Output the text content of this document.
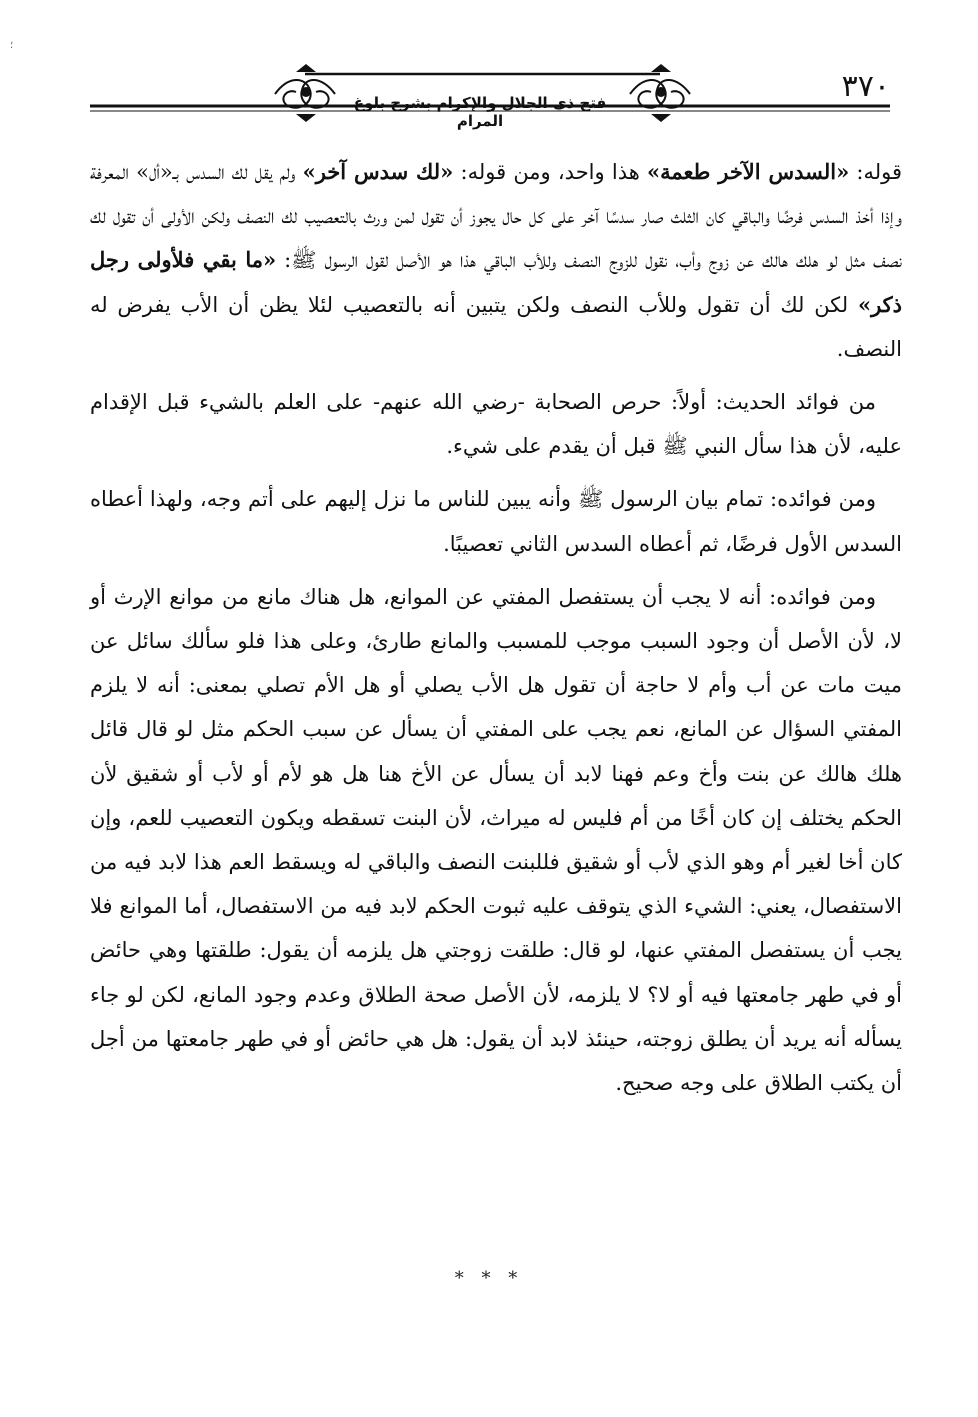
؛
فتح ذي الجلال والإكرام بشرح بلوغ المرام
٣٧٠

قوله: «السدس الآخر طعمة» هذا واحد، ومن قوله: «لك سدس آخر» ولم يقل لك السدس بـ«أل» المعرفة وإذا أخذ السدس فرضًا والباقي كان الثلث صار سدسًا آخر على كل حال يجوز أن تقول لمن ورث بالتعصيب لك النصف ولكن الأولى أن تقول لك نصف مثل لو هلك هالك عن زوج وأب، نقول للزوج النصف وللأب الباقي هذا هو الأصل لقول الرسول ﷺ: «ما بقي فلأولى رجل ذكر» لكن لك أن تقول وللأب النصف ولكن يتبين أنه بالتعصيب لئلا يظن أن الأب يفرض له النصف.

من فوائد الحديث: أولاً: حرص الصحابة -رضي الله عنهم- على العلم بالشيء قبل الإقدام عليه، لأن هذا سأل النبي ﷺ قبل أن يقدم على شيء.

ومن فوائده: تمام بيان الرسول ﷺ وأنه يبين للناس ما نزل إليهم على أتم وجه، ولهذا أعطاه السدس الأول فرضًا، ثم أعطاه السدس الثاني تعصيبًا.

ومن فوائده: أنه لا يجب أن يستفصل المفتي عن الموانع، هل هناك مانع من موانع الإرث أو لا، لأن الأصل أن وجود السبب موجب للمسبب والمانع طارئ، وعلى هذا فلو سألك سائل عن ميت مات عن أب وأم لا حاجة أن تقول هل الأب يصلي أو هل الأم تصلي بمعنى: أنه لا يلزم المفتي السؤال عن المانع، نعم يجب على المفتي أن يسأل عن سبب الحكم مثل لو قال قائل هلك هالك عن بنت وأخ وعم فهنا لابد أن يسأل عن الأخ هنا هل هو لأم أو لأب أو شقيق لأن الحكم يختلف إن كان أخًا من أم فليس له ميراث، لأن البنت تسقطه ويكون التعصيب للعم، وإن كان أخا لغير أم وهو الذي لأب أو شقيق فللبنت النصف والباقي له ويسقط العم هذا لابد فيه من الاستفصال، يعني: الشيء الذي يتوقف عليه ثبوت الحكم لابد فيه من الاستفصال، أما الموانع فلا يجب أن يستفصل المفتي عنها، لو قال: طلقت زوجتي هل يلزمه أن يقول: طلقتها وهي حائض أو في طهر جامعتها فيه أو لا؟ لا يلزمه، لأن الأصل صحة الطلاق وعدم وجود المانع، لكن لو جاء يسأله أنه يريد أن يطلق زوجته، حينئذ لابد أن يقول: هل هي حائض أو في طهر جامعتها من أجل أن يكتب الطلاق على وجه صحيح.

* * *
